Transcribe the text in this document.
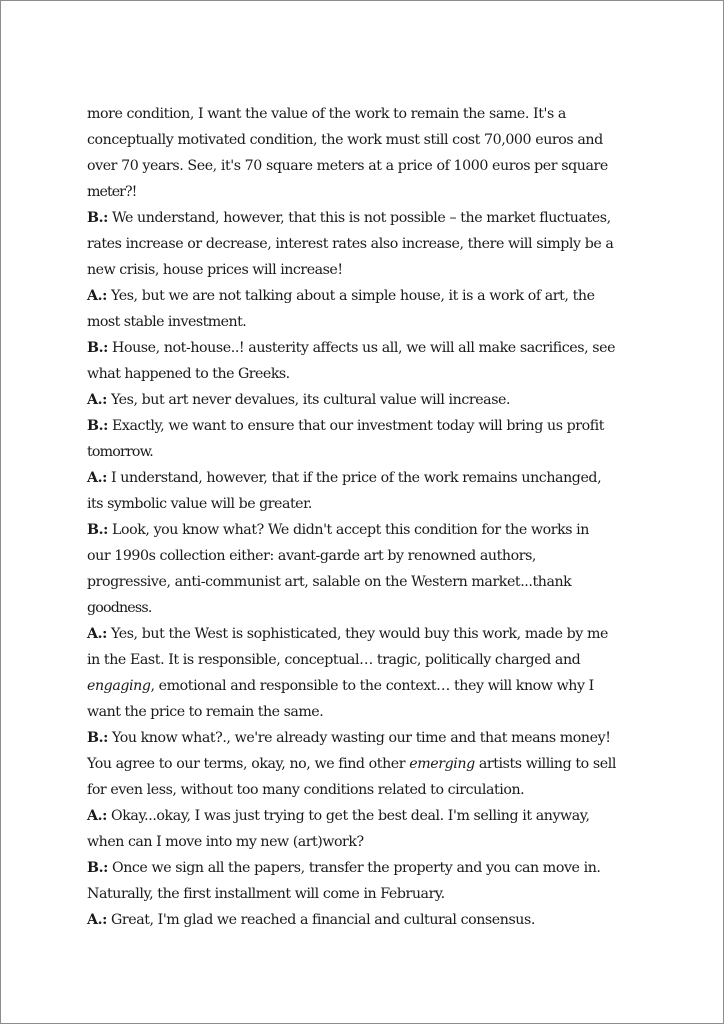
more condition, I want the value of the work to remain the same. It's a
conceptually motivated condition, the work must still cost 70,000 euros and
over 70 years. See, it's 70 square meters at a price of 1000 euros per square
meter?!
B.: We understand, however, that this is not possible – the market fluctuates,
rates increase or decrease, interest rates also increase, there will simply be a
new crisis, house prices will increase!
A.: Yes, but we are not talking about a simple house, it is a work of art, the
most stable investment.
B.: House, not-house..! austerity affects us all, we will all make sacrifices, see
what happened to the Greeks.
A.: Yes, but art never devalues, its cultural value will increase.
B.: Exactly, we want to ensure that our investment today will bring us profit
tomorrow.
A.: I understand, however, that if the price of the work remains unchanged,
its symbolic value will be greater.
B.: Look, you know what? We didn't accept this condition for the works in
our 1990s collection either: avant-garde art by renowned authors,
progressive, anti-communist art, salable on the Western market...thank
goodness.
A.: Yes, but the West is sophisticated, they would buy this work, made by me
in the East. It is responsible, conceptual… tragic, politically charged and
engaging, emotional and responsible to the context… they will know why I
want the price to remain the same.
B.: You know what?., we're already wasting our time and that means money!
You agree to our terms, okay, no, we find other emerging artists willing to sell
for even less, without too many conditions related to circulation.
A.: Okay...okay, I was just trying to get the best deal. I'm selling it anyway,
when can I move into my new (art)work?
B.: Once we sign all the papers, transfer the property and you can move in.
Naturally, the first installment will come in February.
A.: Great, I'm glad we reached a financial and cultural consensus.
